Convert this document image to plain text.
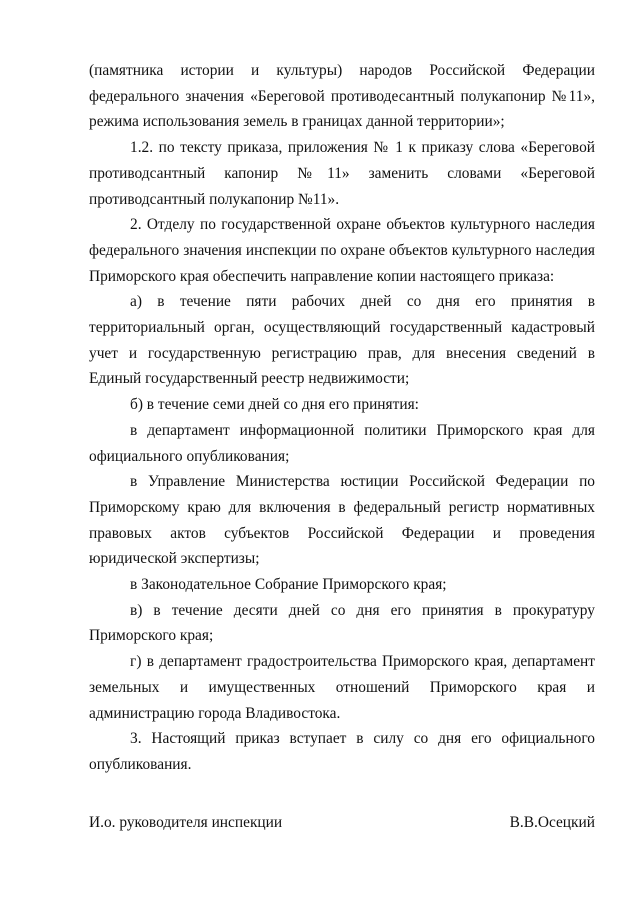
(памятника истории и культуры) народов Российской Федерации федерального значения «Береговой противодесантный полукапонир №11», режима использования земель в границах данной территории»;

1.2. по тексту приказа, приложения № 1 к приказу слова «Береговой противодсантный капонир №11» заменить словами «Береговой противодсантный полукапонир №11».

2. Отделу по государственной охране объектов культурного наследия федерального значения инспекции по охране объектов культурного наследия Приморского края обеспечить направление копии настоящего приказа:

а) в течение пяти рабочих дней со дня его принятия в территориальный орган, осуществляющий государственный кадастровый учет и государственную регистрацию прав, для внесения сведений в Единый государственный реестр недвижимости;

б) в течение семи дней со дня его принятия:

в департамент информационной политики Приморского края для официального опубликования;

в Управление Министерства юстиции Российской Федерации по Приморскому краю для включения в федеральный регистр нормативных правовых актов субъектов Российской Федерации и проведения юридической экспертизы;

в Законодательное Собрание Приморского края;

в) в течение десяти дней со дня его принятия в прокуратуру Приморского края;

г) в департамент градостроительства Приморского края, департамент земельных и имущественных отношений Приморского края и администрацию города Владивостока.

3. Настоящий приказ вступает в силу со дня его официального опубликования.

И.о. руководителя инспекции	В.В.Осецкий
